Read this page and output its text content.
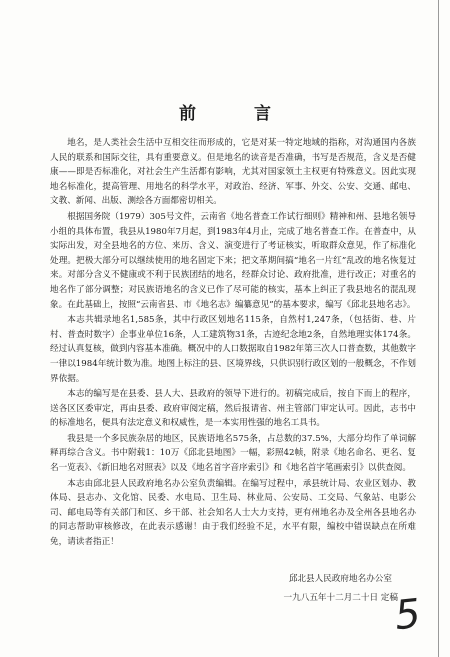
前 言

地名，是人类社会生活中互相交往而形成的，它是对某一特定地域的指称，对沟通国内各族人民的联系和国际交往，具有重要意义。但是地名的读音是否准确，书写是否规范，含义是否健康——即是否标准化，对社会生产生活都有影响，尤其对国家领土主权更有特殊意义。因此实现地名标准化，提高管理、用地名的科学水平，对政治、经济、军事、外交、公安、交通、邮电、文教、新闻、出版、测绘各方面都密切相关。

根据国务院（1979）305号文件，云南省《地名普查工作试行细则》精神和州、县地名领导小组的具体布置，我县从1980年7月起，到1983年4月止，完成了地名普查工作。在普查中，从实际出发，对全县地名的方位、来历、含义、演变进行了考证核实，听取群众意见，作了标准化处理。把极大部分可以继续使用的地名固定下来；把文革期间搞“地名一片红”乱改的地名恢复过来。对部分含义不健康或不利于民族团结的地名，经群众讨论、政府批准，进行改正；对重名的地名作了部分调整；对民族语地名的含义已作了尽可能的核实，基本上纠正了我县地名的混乱现象。在此基础上，按照“云南省县、市《地名志》编纂意见”的基本要求，编写《邱北县地名志》。

本志共辑录地名1,585条，其中行政区划地名115条，自然村1,247条，（包括街、巷、片村、普查时数字）企事业单位16条，人工建筑物31条，古迹纪念地2条，自然地理实体174条。经过认真复核，做到内容基本准确。概况中的人口数据取自1982年第三次人口普查数，其他数字一律以1984年统计数为准。地图上标注的县、区境界线，只供识别行政区划的一般概念，不作划界依据。

本志的编写是在县委、县人大、县政府的领导下进行的。初稿完成后，按自下而上的程序，送各区区委审定，再由县委、政府审阅定稿，然后报请省、州主管部门审定认可。因此，志书中的标准地名，便具有法定意义和权威性，是一本实用性强的地名工具书。

我县是一个多民族杂居的地区，民族语地名575条，占总数的37.5%，大部分均作了单词解释再综合含义。书中附载1：10万《邱北县地图》一幅，彩照42帧，附录《地名命名、更名、复名一览表》、《新旧地名对照表》以及《地名首字音序索引》和《地名首字笔画索引》以供查阅。

本志由邱北县人民政府地名办公室负责编辑。在编写过程中，承县统计局、农业区划办、教体局、县志办、文化馆、民委、水电局、卫生局、林业局、公安局、工交局、气象站、电影公司、邮电局等有关部门和区、乡干部、社会知名人士大力支持，更有州地名办及全州各县地名办的同志帮助审核修改，在此表示感谢！由于我们经验不足，水平有限，编校中错误缺点在所难免，请读者指正！

邱北县人民政府地名办公室
一九八五年十二月二十日 定稿
5
